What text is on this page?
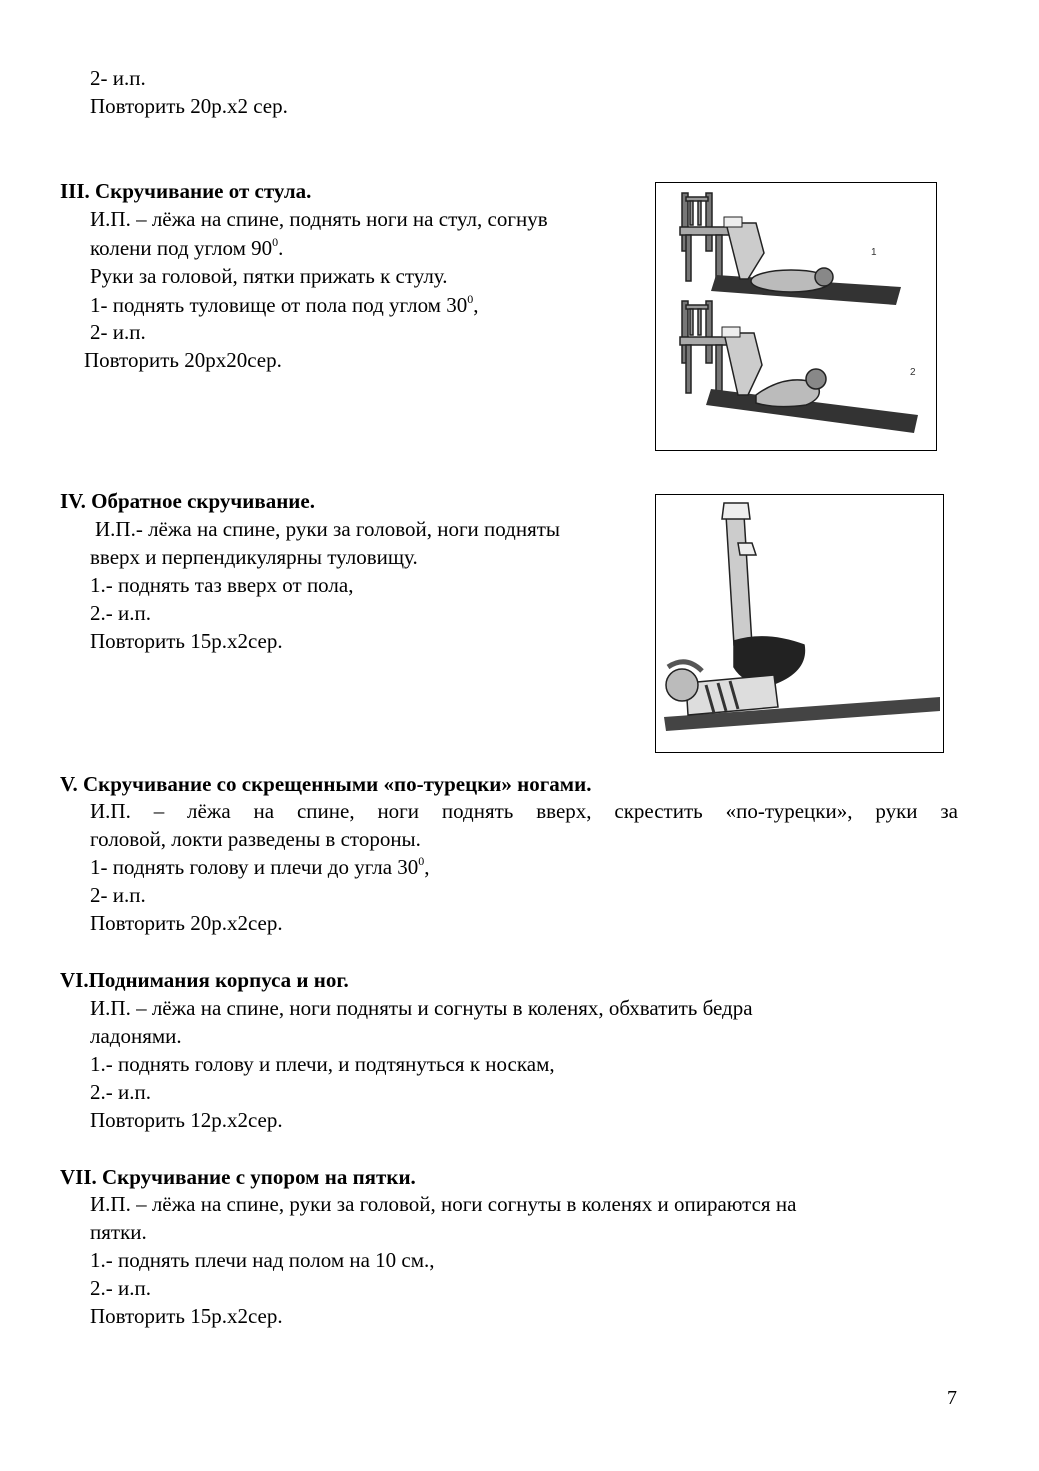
2- и.п.
Повторить 20р.х2 сер.
III. Скручивание от стула.
И.П. – лёжа на спине, поднять ноги на стул, согнув
колени под углом $90^0$.
Руки за головой, пятки прижать к стулу.
1- поднять туловище от пола под углом $30^0$,
2- и.п.
Повторить 20рх20сер.
1
2
IV. Обратное скручивание.
И.П.- лёжа на спине, руки за головой, ноги подняты
вверх и перпендикулярны туловищу.
1.- поднять таз вверх от пола,
2.- и.п.
Повторить 15р.х2сер.
V. Скручивание со скрещенными «по-турецки» ногами.
И.П. – лёжа на спине, ноги поднять вверх, скрестить «по-турецки», руки за
головой, локти разведены в стороны.
1- поднять голову и плечи до угла $30^0$,
2- и.п.
Повторить 20р.х2сер.
VI.Поднимания корпуса и ног.
И.П. – лёжа на спине, ноги подняты и согнуты в коленях, обхватить бедра
ладонями.
1.- поднять голову и плечи, и подтянуться к носкам,
2.- и.п.
Повторить 12р.х2сер.
VII. Скручивание с упором на пятки.
И.П. – лёжа на спине, руки за головой, ноги согнуты в коленях и опираются на
пятки.
1.- поднять плечи над полом на 10 см.,
2.- и.п.
Повторить 15р.х2сер.
7
